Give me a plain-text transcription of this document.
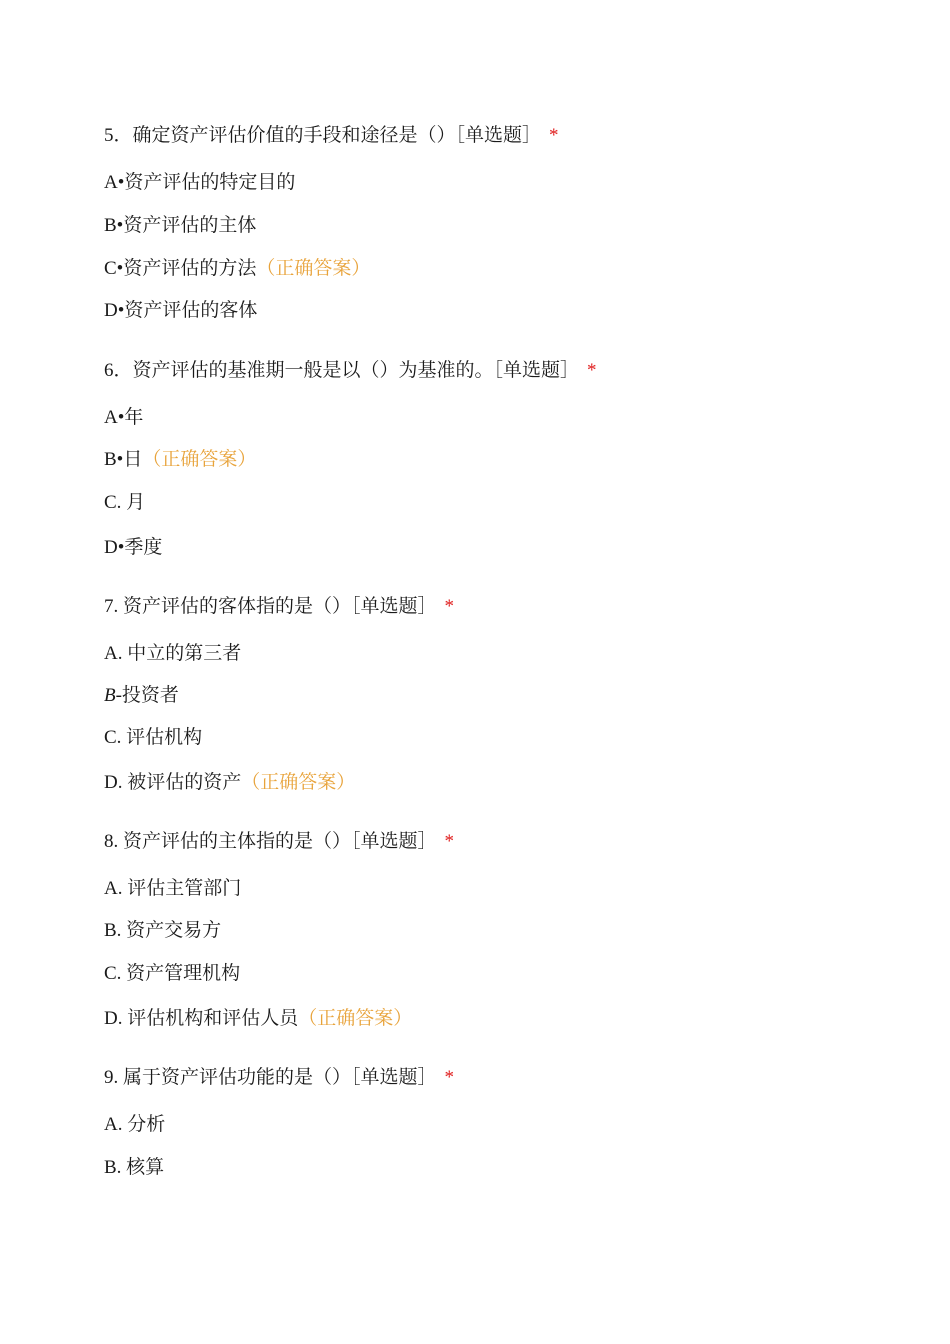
5．确定资产评估价值的手段和途径是（）［单选题］ *
A•资产评估的特定目的
B•资产评估的主体
C•资产评估的方法（正确答案）
D•资产评估的客体
6．资产评估的基准期一般是以（）为基准的。［单选题］ *
A•年
B•日（正确答案）
C. 月
D•季度
7. 资产评估的客体指的是（）［单选题］ *
A. 中立的第三者
B-投资者
C. 评估机构
D. 被评估的资产（正确答案）
8. 资产评估的主体指的是（）［单选题］ *
A. 评估主管部门
B. 资产交易方
C. 资产管理机构
D. 评估机构和评估人员（正确答案）
9. 属于资产评估功能的是（）［单选题］ *
A. 分析
B. 核算
